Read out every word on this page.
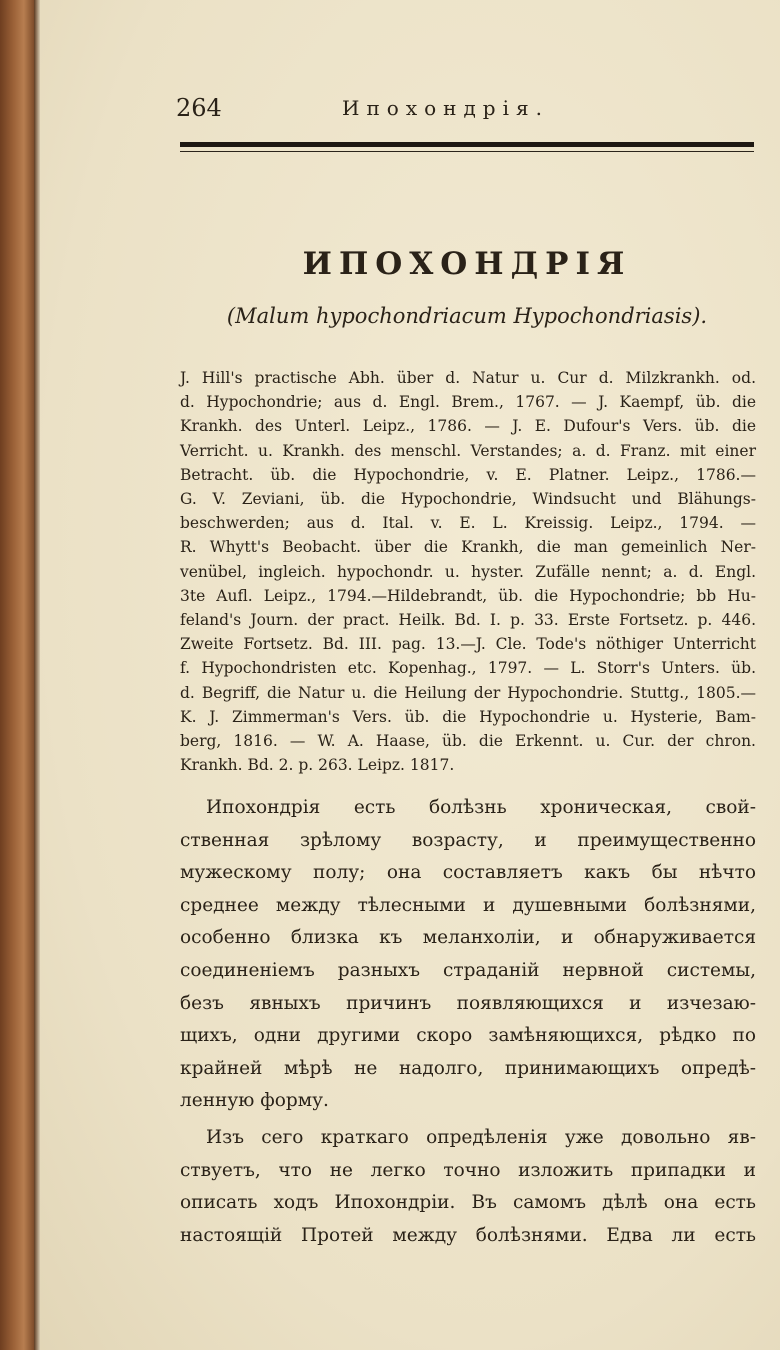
264	Ипохондрія.
ИПОХОНДРІЯ
(Malum hypochondriacum Hypochondriasis).
J. Hill's practische Abh. über d. Natur u. Cur d. Milzkrankh. od.
d. Hypochondrie; aus d. Engl. Brem., 1767. — J. Kaempf, üb. die
Krankh. des Unterl. Leipz., 1786. — J. E. Dufour's Vers. üb. die
Verricht. u. Krankh. des menschl. Verstandes; a. d. Franz. mit einer
Betracht. üb. die Hypochondrie, v. E. Platner. Leipz., 1786.—
G. V. Zeviani, üb. die Hypochondrie, Windsucht und Blähungs-
beschwerden; aus d. Ital. v. E. L. Kreissig. Leipz., 1794. —
R. Whytt's Beobacht. über die Krankh, die man gemeinlich Ner-
venübel, ingleich. hypochondr. u. hyster. Zufälle nennt; a. d. Engl.
3te Aufl. Leipz., 1794.—Hildebrandt, üb. die Hypochondrie; bb Hu-
feland's Journ. der pract. Heilk. Bd. I. p. 33. Erste Fortsetz. p. 446.
Zweite Fortsetz. Bd. III. pag. 13.—J. Cle. Tode's nöthiger Unterricht
f. Hypochondristen etc. Kopenhag., 1797. — L. Storr's Unters. üb.
d. Begriff, die Natur u. die Heilung der Hypochondrie. Stuttg., 1805.—
K. J. Zimmerman's Vers. üb. die Hypochondrie u. Hysterie, Bam-
berg, 1816. — W. A. Haase, üb. die Erkennt. u. Cur. der chron.
Krankh. Bd. 2. p. 263. Leipz. 1817.
Ипохондрія есть болѣзнь хроническая, свой-
ственная зрѣлому возрасту, и преимущественно
мужескому полу; она составляетъ какъ бы нѣчто
среднее между тѣлесными и душевными болѣзнями,
особенно близка къ меланхоліи, и обнаруживается
соединеніемъ разныхъ страданій нервной системы,
безъ явныхъ причинъ появляющихся и изчезаю-
щихъ, одни другими скоро замѣняющихся, рѣдко по
крайней мѣрѣ не надолго, принимающихъ опредѣ-
ленную форму.
Изъ сего краткаго опредѣленія уже довольно яв-
ствуетъ, что не легко точно изложить припадки и
описать ходъ Ипохондріи. Въ самомъ дѣлѣ она есть
настоящій Протей между болѣзнями. Едва ли есть
